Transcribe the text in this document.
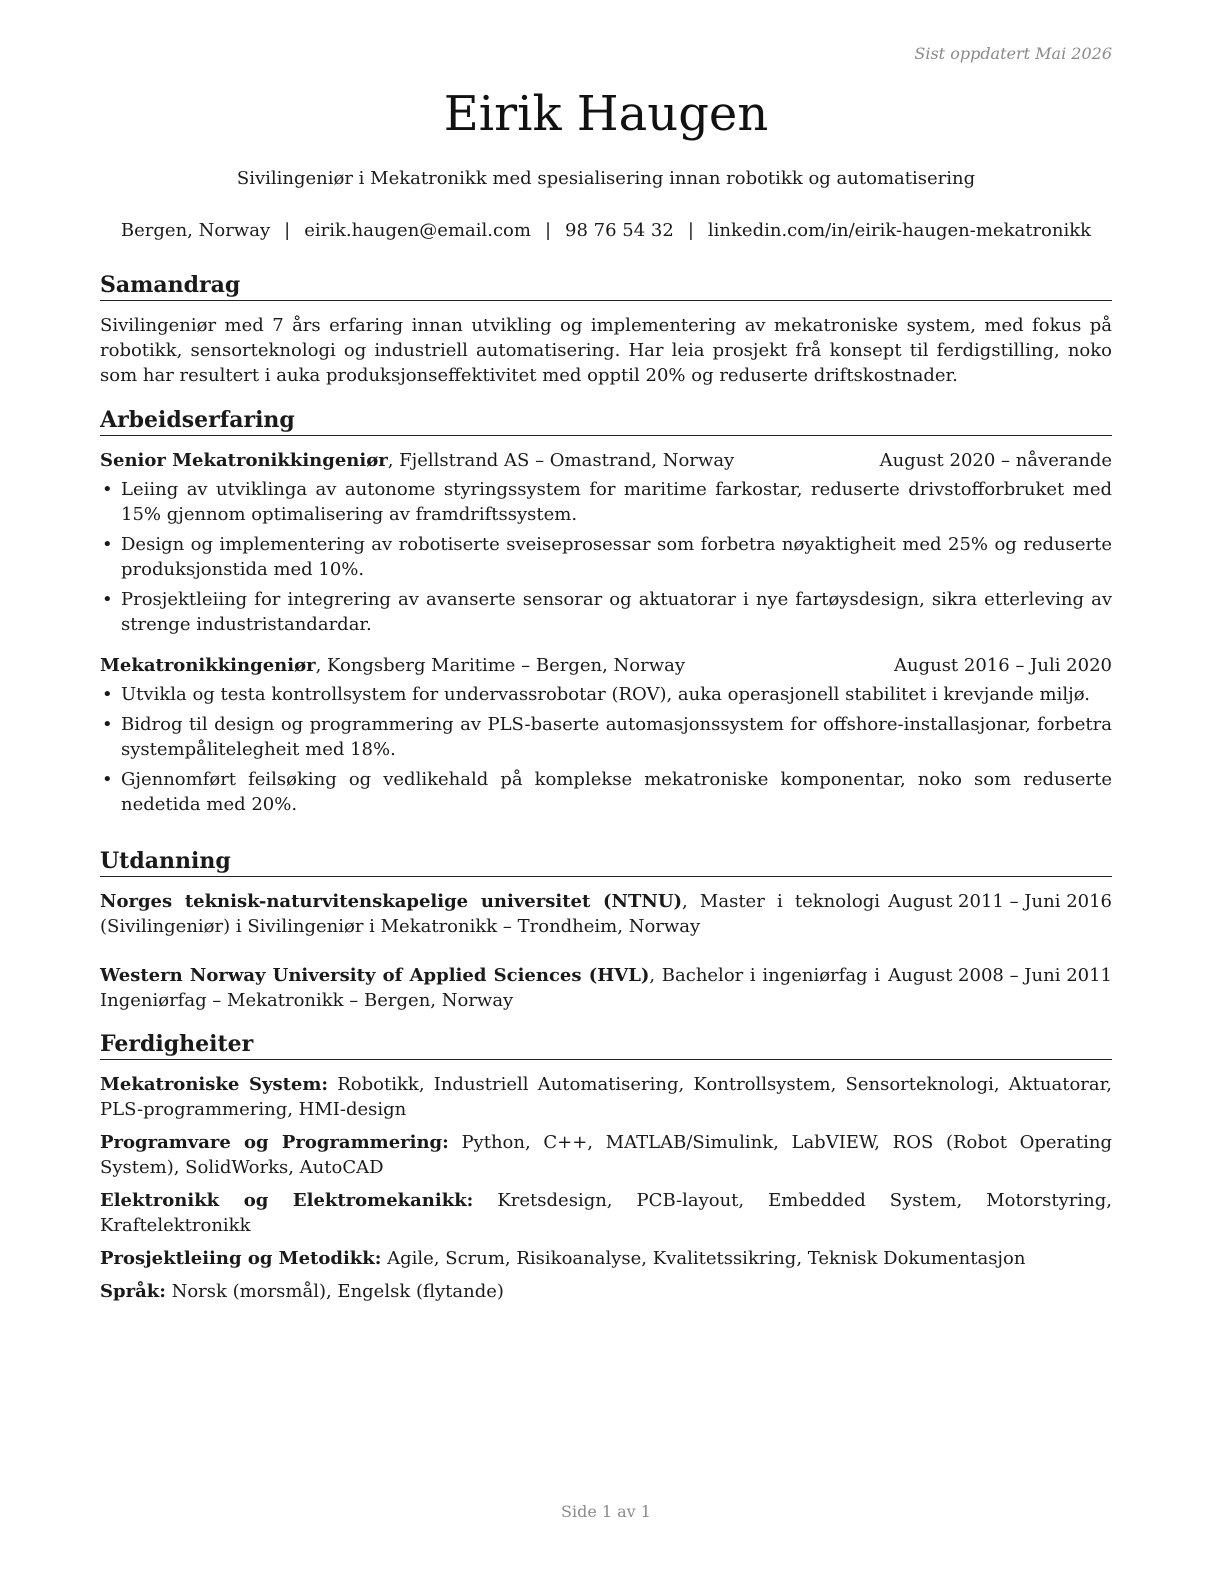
Sist oppdatert Mai 2026
Eirik Haugen
Sivilingeniør i Mekatronikk med spesialisering innan robotikk og automatisering
Bergen, Norway | eirik.haugen@email.com | 98 76 54 32 | linkedin.com/in/eirik-haugen-mekatronikk
Samandrag

Sivilingeniør med 7 års erfaring innan utvikling og implementering av mekatroniske system, med fokus på robotikk, sensorteknologi og industriell automatisering. Har leia prosjekt frå konsept til ferdigstilling, noko som har resultert i auka produksjonseffektivitet med opptil 20% og reduserte driftskostnader.

Arbeidserfaring
Senior Mekatronikkingeniør, Fjellstrand AS – Omastrand, Norway	August 2020 – nåverande
• Leiing av utviklinga av autonome styringssystem for maritime farkostar, reduserte drivstofforbruket med 15% gjennom optimalisering av framdriftssystem.
• Design og implementering av robotiserte sveiseprosessar som forbetra nøyaktigheit med 25% og reduserte produksjonstida med 10%.
• Prosjektleiing for integrering av avanserte sensorar og aktuatorar i nye fartøysdesign, sikra etterleving av strenge industristandardar.
Mekatronikkingeniør, Kongsberg Maritime – Bergen, Norway	August 2016 – Juli 2020
• Utvikla og testa kontrollsystem for undervassrobotar (ROV), auka operasjonell stabilitet i krevjande miljø.
• Bidrog til design og programmering av PLS-baserte automasjonssystem for offshore-installasjonar, forbetra systempålitelegheit med 18%.
• Gjennomført feilsøking og vedlikehald på komplekse mekatroniske komponentar, noko som reduserte nedetida med 20%.
Utdanning
Norges teknisk-naturvitenskapelige universitet (NTNU), Master i teknologi (Sivilingeniør) i Sivilingeniør i Mekatronikk – Trondheim, Norway
August 2011 – Juni 2016
Western Norway University of Applied Sciences (HVL), Bachelor i ingeniørfag i Ingeniørfag – Mekatronikk – Bergen, Norway
August 2008 – Juni 2011
Ferdigheiter
Mekatroniske System: Robotikk, Industriell Automatisering, Kontrollsystem, Sensorteknologi, Aktuatorar, PLS-programmering, HMI-design
Programvare og Programmering: Python, C++, MATLAB/Simulink, LabVIEW, ROS (Robot Operating System), SolidWorks, AutoCAD
Elektronikk og Elektromekanikk: Kretsdesign, PCB-layout, Embedded System, Motorstyring, Kraftelektronikk
Prosjektleiing og Metodikk: Agile, Scrum, Risikoanalyse, Kvalitetssikring, Teknisk Dokumentasjon
Språk: Norsk (morsmål), Engelsk (flytande)
Side 1 av 1
